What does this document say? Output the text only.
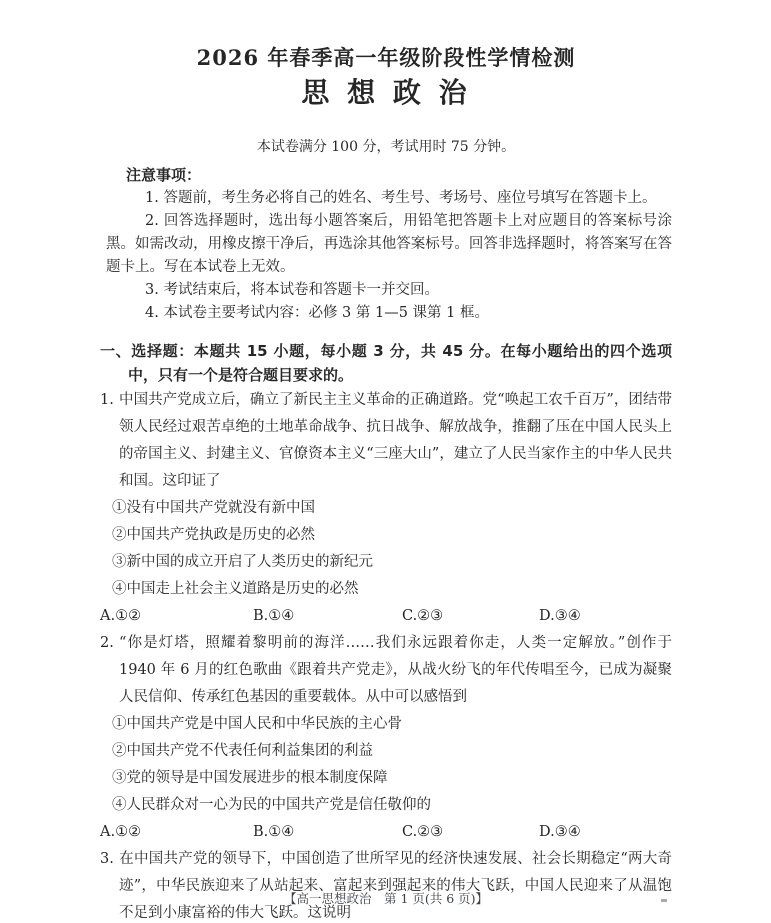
2026 年春季高一年级阶段性学情检测
思 想 政 治

本试卷满分 100 分，考试用时 75 分钟。

注意事项：

1. 答题前，考生务必将自己的姓名、考生号、考场号、座位号填写在答题卡上。

2. 回答选择题时，选出每小题答案后，用铅笔把答题卡上对应题目的答案标号涂黑。如需改动，用橡皮擦干净后，再选涂其他答案标号。回答非选择题时，将答案写在答题卡上。写在本试卷上无效。

3. 考试结束后，将本试卷和答题卡一并交回。

4. 本试卷主要考试内容：必修 3 第 1—5 课第 1 框。

一、选择题：本题共 15 小题，每小题 3 分，共 45 分。在每小题给出的四个选项中，只有一个是符合题目要求的。

1. 中国共产党成立后，确立了新民主主义革命的正确道路。党“唤起工农千百万”，团结带领人民经过艰苦卓绝的土地革命战争、抗日战争、解放战争，推翻了压在中国人民头上的帝国主义、封建主义、官僚资本主义“三座大山”，建立了人民当家作主的中华人民共和国。这印证了

①没有中国共产党就没有新中国

②中国共产党执政是历史的必然

③新中国的成立开启了人类历史的新纪元

④中国走上社会主义道路是历史的必然

A.①②	B.①④	C.②③	D.③④

2. “你是灯塔，照耀着黎明前的海洋……我们永远跟着你走，人类一定解放。”创作于 1940 年 6 月的红色歌曲《跟着共产党走》，从战火纷飞的年代传唱至今，已成为凝聚人民信仰、传承红色基因的重要载体。从中可以感悟到

①中国共产党是中国人民和中华民族的主心骨

②中国共产党不代表任何利益集团的利益

③党的领导是中国发展进步的根本制度保障

④人民群众对一心为民的中国共产党是信任敬仰的

A.①②	B.①④	C.②③	D.③④

3. 在中国共产党的领导下，中国创造了世所罕见的经济快速发展、社会长期稳定“两大奇迹”，中华民族迎来了从站起来、富起来到强起来的伟大飞跃，中国人民迎来了从温饱不足到小康富裕的伟大飞跃。这说明

【高一思想政治　第 1 页(共 6 页)】
